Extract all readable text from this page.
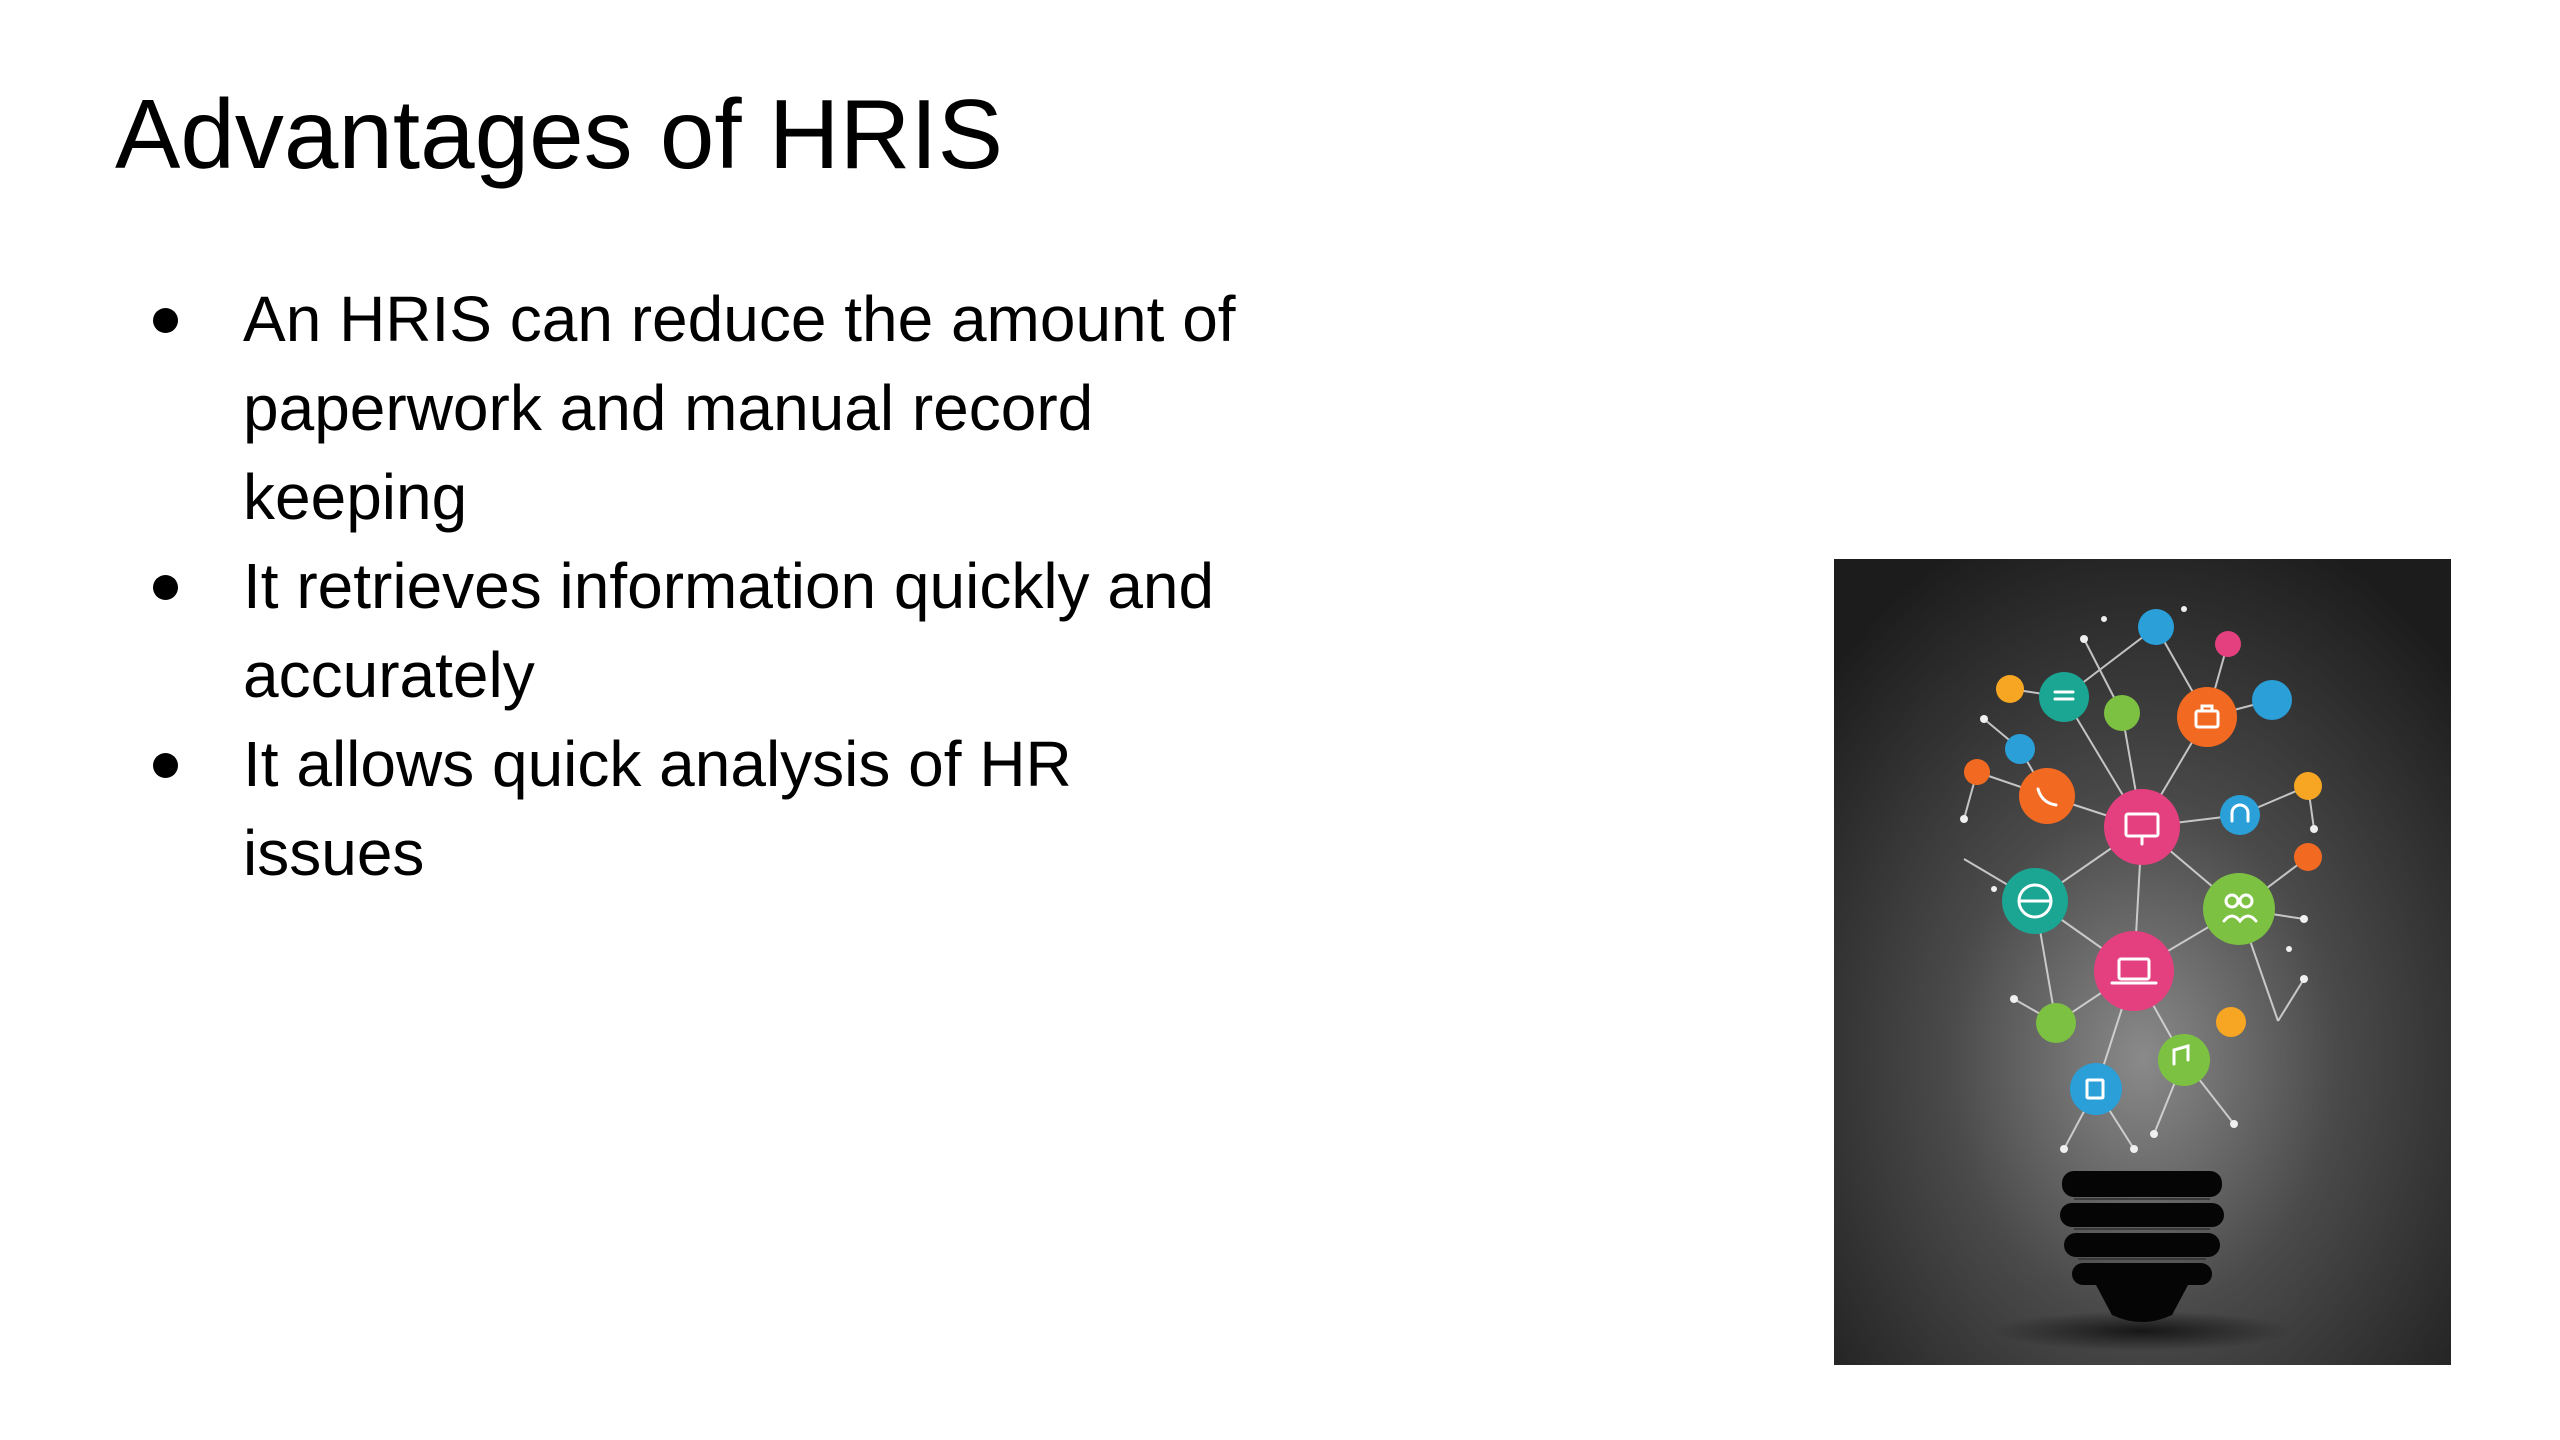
Advantages of HRIS
An HRIS can reduce the amount of paperwork and manual record keeping
It retrieves information quickly and accurately
It allows quick analysis of HR issues
